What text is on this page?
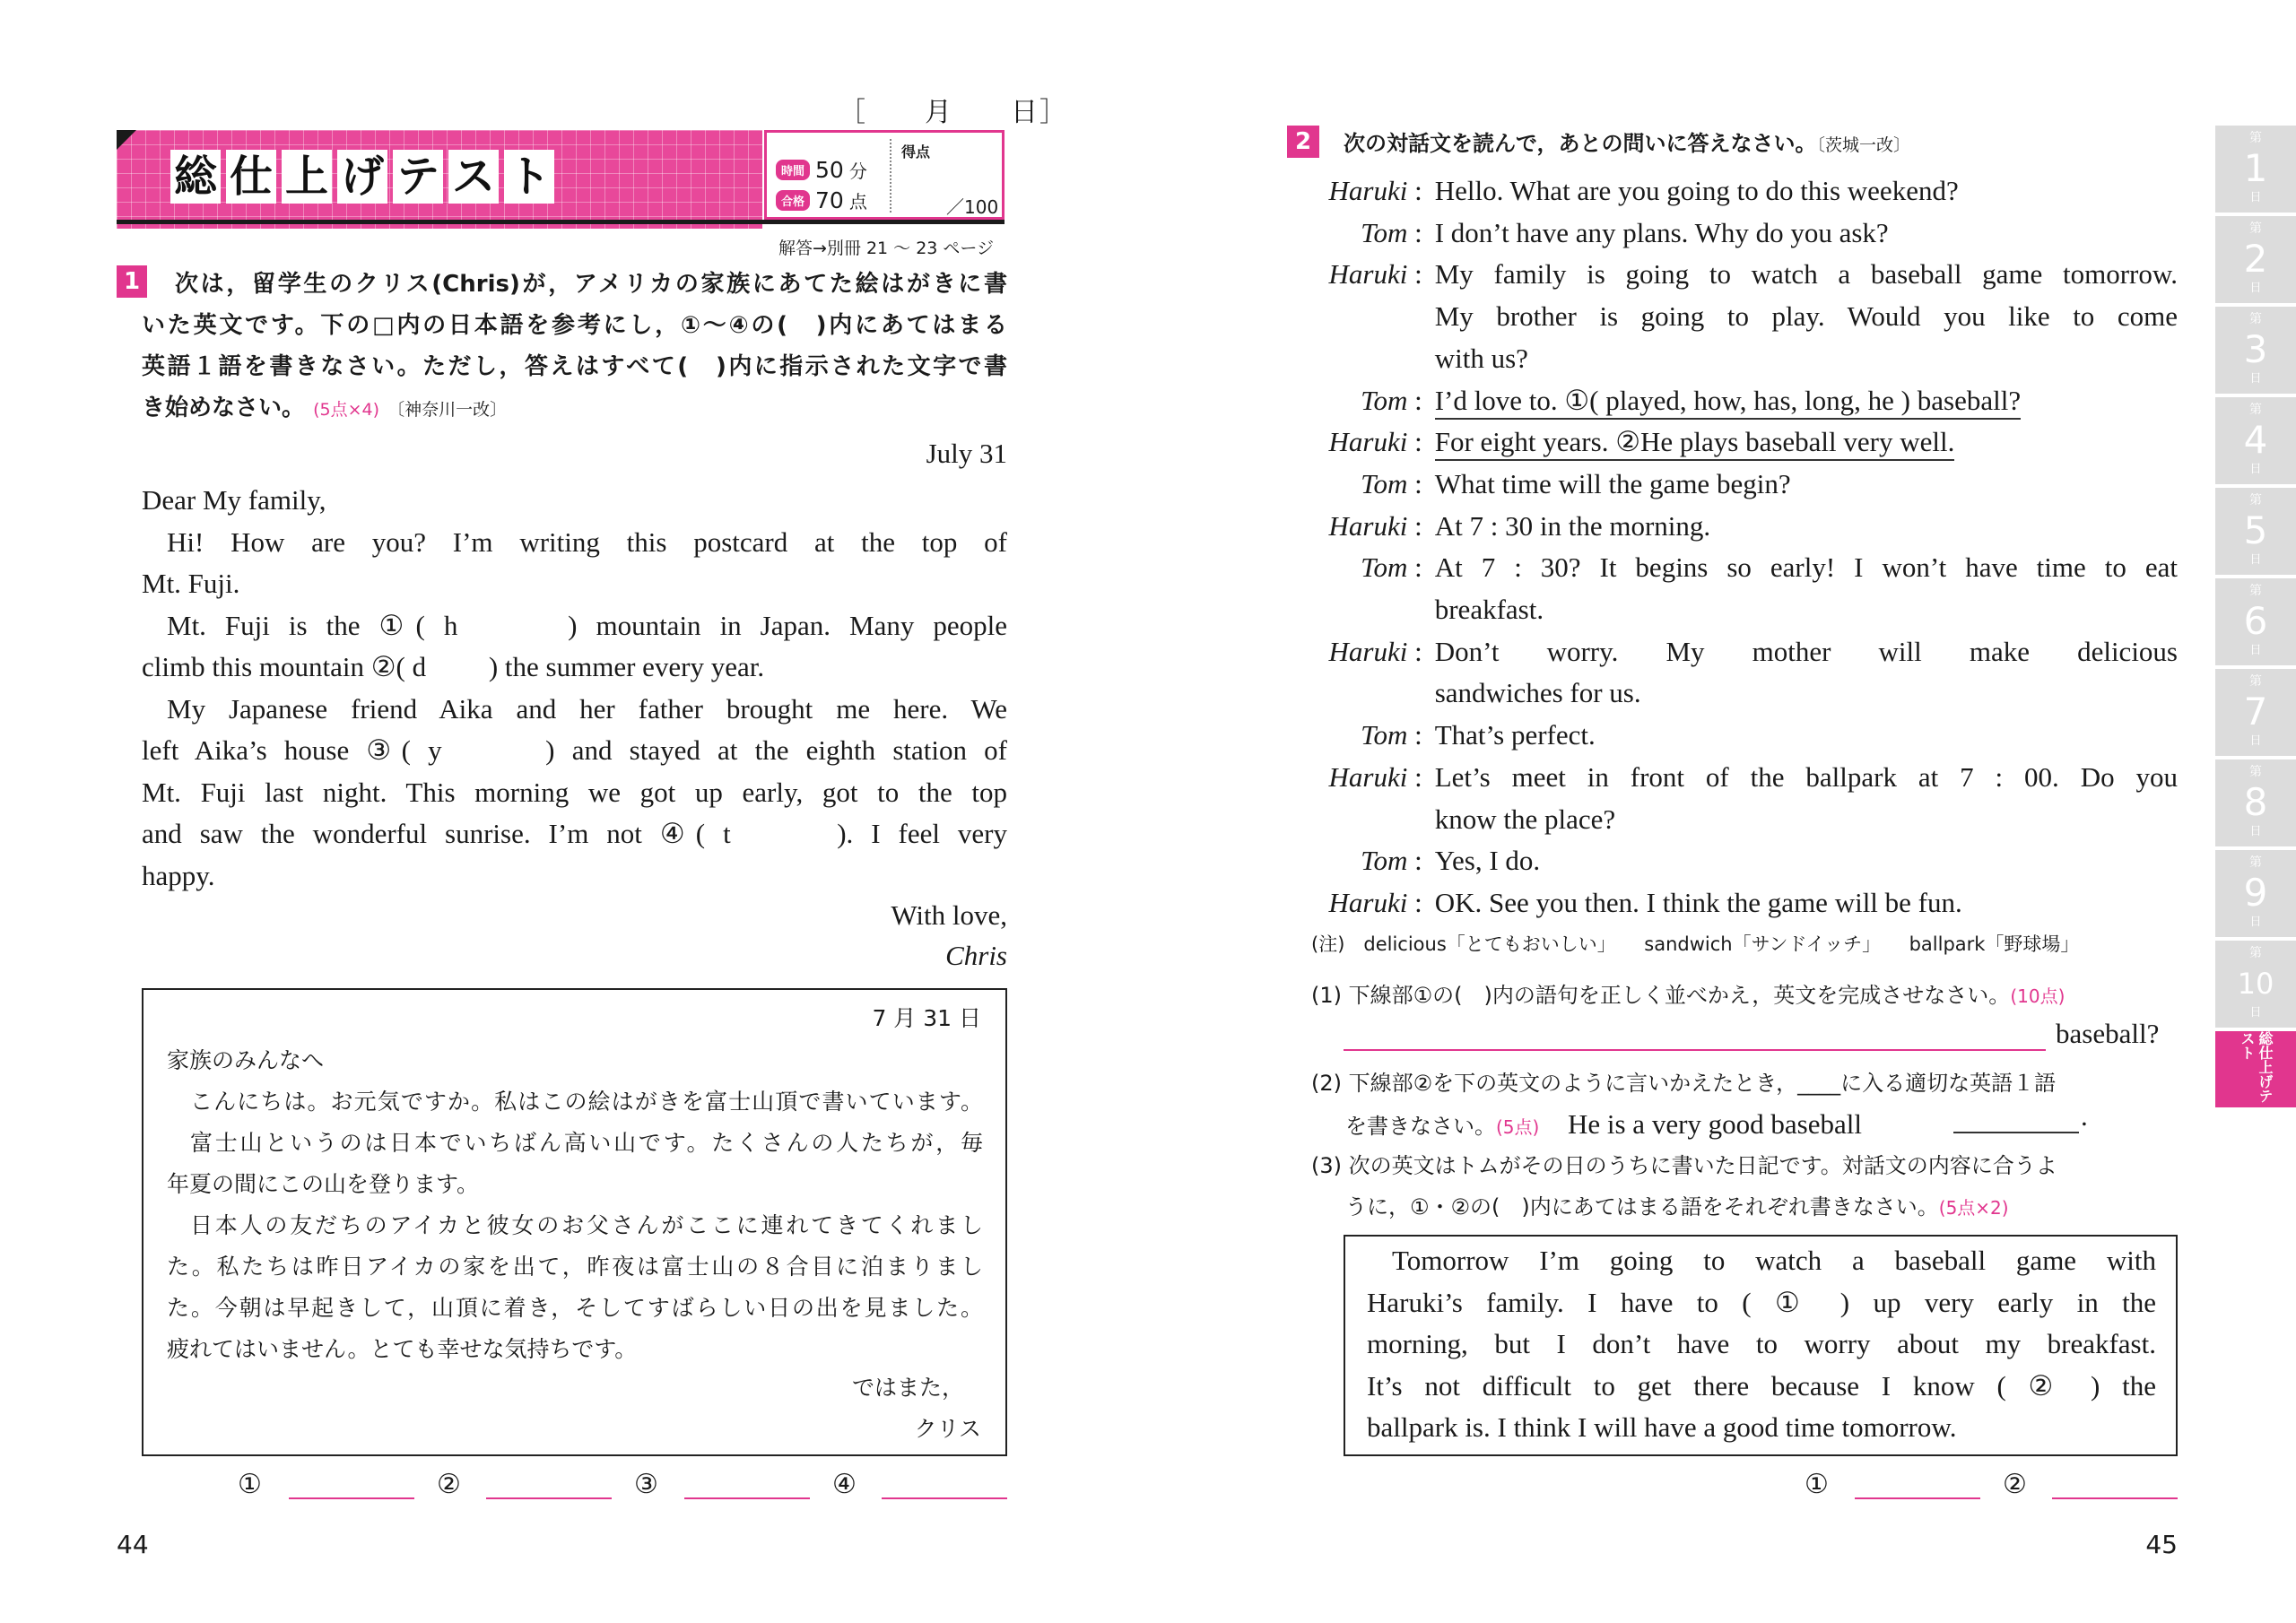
［　　月　　日］
総 仕 上 げ テ ス ト	時間 50 分
合格 70 点
得点
／100
解答→別冊 21 ～ 23 ページ
1	次は，留学生のクリス(Chris)が，アメリカの家族にあてた絵はがきに書
いた英文です。下の□内の日本語を参考にし，①～④の(　)内にあてはまる
英語１語を書きなさい。ただし，答えはすべて(　)内に指示された文字で書
き始めなさい。 (5点×4) 〔神奈川一改〕
July 31
Dear My family,
Hi! How are you? I’m writing this postcard at the top of
Mt. Fuji.
Mt. Fuji is the ①( h　　 ) mountain in Japan. Many people
climb this mountain ②( d　　 ) the summer every year.
My Japanese friend Aika and her father brought me here. We
left Aika’s house ③( y　　 ) and stayed at the eighth station of
Mt. Fuji last night. This morning we got up early, got to the top
and saw the wonderful sunrise. I’m not ④( t　　 ). I feel very
happy.
With love,
Chris
7 月 31 日
家族のみんなへ
こんにちは。お元気ですか。私はこの絵はがきを富士山頂で書いています。
富士山というのは日本でいちばん高い山です。たくさんの人たちが，毎
年夏の間にこの山を登ります。
日本人の友だちのアイカと彼女のお父さんがここに連れてきてくれまし
た。私たちは昨日アイカの家を出て，昨夜は富士山の８合目に泊まりまし
た。今朝は早起きして，山頂に着き，そしてすばらしい日の出を見ました。
疲れてはいません。とても幸せな気持ちです。
ではまた，
クリス
①	②	③	④
44
2	次の対話文を読んで，あとの問いに答えなさい。〔茨城一改〕
Haruki : Hello. What are you going to do this weekend?
Tom : I don’t have any plans. Why do you ask?
Haruki : My family is going to watch a baseball game tomorrow.
My brother is going to play. Would you like to come
with us?
Tom : I’d love to. ①( played, how, has, long, he ) baseball?
Haruki : For eight years. ②He plays baseball very well.
Tom : What time will the game begin?
Haruki : At 7 : 30 in the morning.
Tom : At 7 : 30? It begins so early! I won’t have time to eat
breakfast.
Haruki : Don’t worry. My mother will make delicious
sandwiches for us.
Tom : That’s perfect.
Haruki : Let’s meet in front of the ballpark at 7 : 00. Do you
know the place?
Tom : Yes, I do.
Haruki : OK. See you then. I think the game will be fun.
(注)　delicious「とてもおいしい」　　sandwich「サンドイッチ」　　ballpark「野球場」
(1) 下線部①の(　)内の語句を正しく並べかえ，英文を完成させなさい。(10点)
baseball?
(2) 下線部②を下の英文のように言いかえたとき，____に入る適切な英語１語
を書きなさい。(5点) He is a very good baseball	.
(3) 次の英文はトムがその日のうちに書いた日記です。対話文の内容に合うよ
うに，①・②の(　)内にあてはまる語をそれぞれ書きなさい。(5点×2)
Tomorrow I’m going to watch a baseball game with
Haruki’s family. I have to ( ① ) up very early in the
morning, but I don’t have to worry about my breakfast.
It’s not difficult to get there because I know ( ② ) the
ballpark is. I think I will have a good time tomorrow.
①	②
45
第
1
日
第
2
日
第
3
日
第
4
日
第
5
日
第
6
日
第
7
日
第
8
日
第
9
日
第
10
日
総仕上げテスト
